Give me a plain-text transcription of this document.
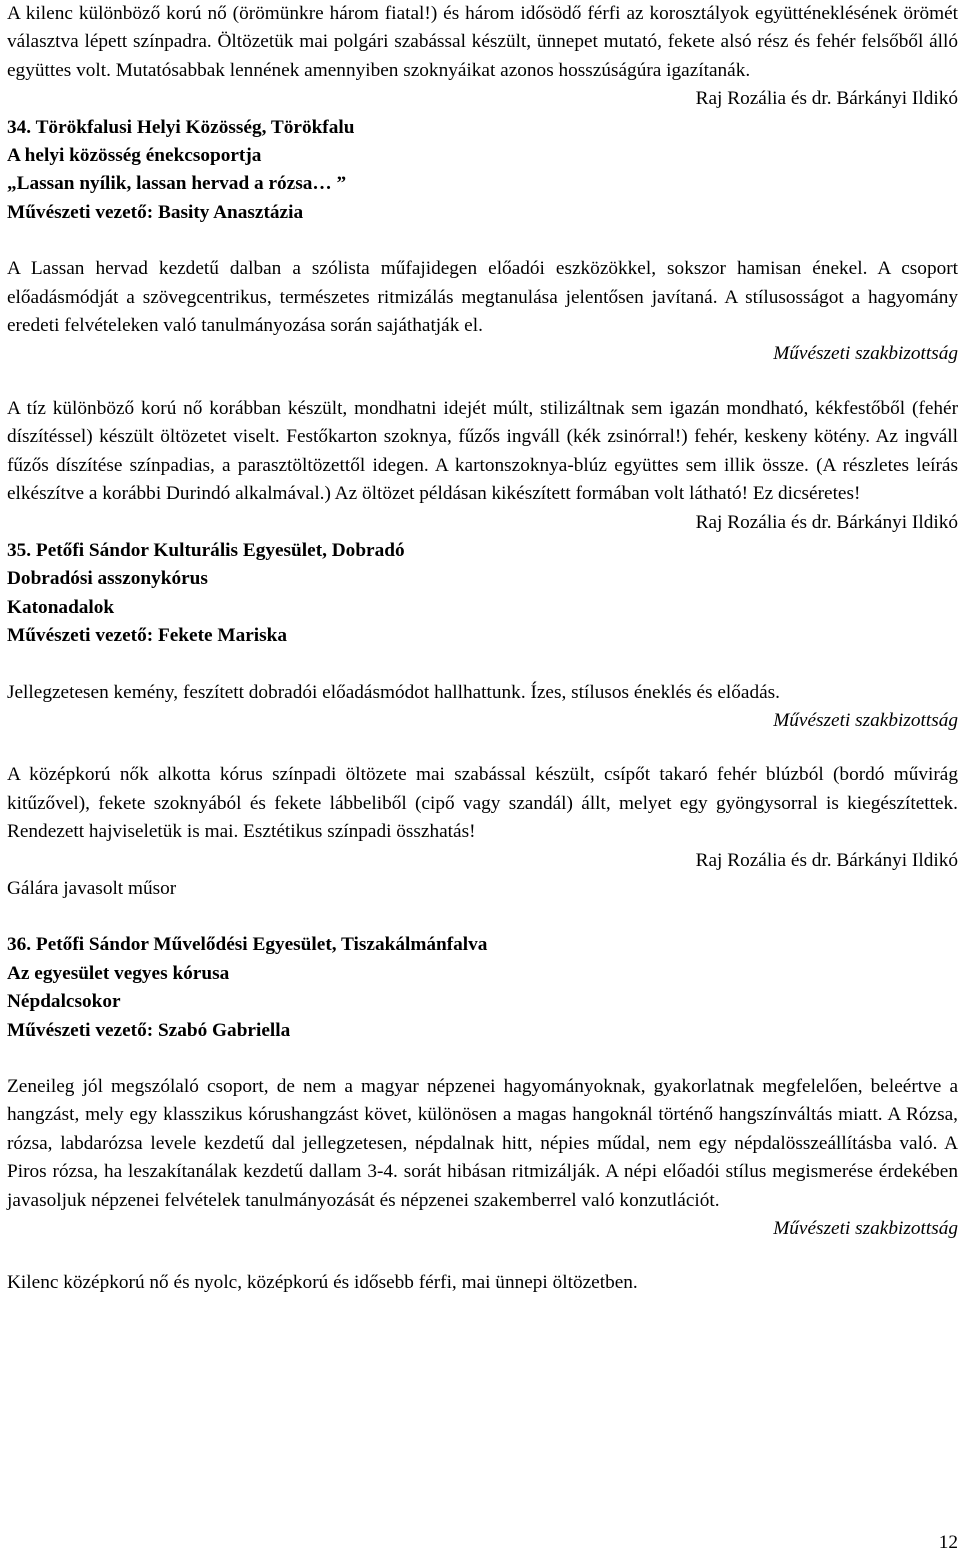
A kilenc különböző korú nő (örömünkre három fiatal!) és három idősödő férfi az korosztályok együtténeklésének örömét választva lépett színpadra. Öltözetük mai polgári szabással készült, ünnepet mutató, fekete alsó rész és fehér felsőből álló együttes volt. Mutatósabbak lennének amennyiben szoknyáikat azonos hosszúságúra igazítanák.

Raj Rozália és dr. Bárkányi Ildikó

34. Törökfalusi Helyi Közösség, Törökfalu

A helyi közösség énekcsoportja

„Lassan nyílik, lassan hervad a rózsa… ”

Művészeti vezető: Basity Anasztázia

A Lassan hervad kezdetű dalban a szólista műfajidegen előadói eszközökkel, sokszor hamisan énekel. A csoport előadásmódját a szövegcentrikus, természetes ritmizálás megtanulása jelentősen javítaná. A stílusosságot a hagyomány eredeti felvételeken való tanulmányozása során sajáthatják el.

Művészeti szakbizottság

A tíz különböző korú nő korábban készült, mondhatni idejét múlt, stilizáltnak sem igazán mondható, kékfestőből (fehér díszítéssel) készült öltözetet viselt. Festőkarton szoknya, fűzős ingváll (kék zsinórral!) fehér, keskeny kötény. Az ingváll fűzős díszítése színpadias, a parasztöltözettől idegen. A kartonszoknya-blúz együttes sem illik össze. (A részletes leírás elkészítve a korábbi Durindó alkalmával.) Az öltözet példásan kikészített formában volt látható! Ez dicséretes!

Raj Rozália és dr. Bárkányi Ildikó

35. Petőfi Sándor Kulturális Egyesület, Dobradó

Dobradósi asszonykórus

Katonadalok

Művészeti vezető: Fekete Mariska

Jellegzetesen kemény, feszített dobradói előadásmódot hallhattunk. Ízes, stílusos éneklés és előadás.

Művészeti szakbizottság

A középkorú nők alkotta kórus színpadi öltözete mai szabással készült, csípőt takaró fehér blúzból (bordó művirág kitűzővel), fekete szoknyából és fekete lábbeliből (cipő vagy szandál) állt, melyet egy gyöngysorral is kiegészítettek. Rendezett hajviseletük is mai. Esztétikus színpadi összhatás!

Raj Rozália és dr. Bárkányi Ildikó

Gálára javasolt műsor

36. Petőfi Sándor Művelődési Egyesület, Tiszakálmánfalva

Az egyesület vegyes kórusa

Népdalcsokor

Művészeti vezető: Szabó Gabriella

Zeneileg jól megszólaló csoport, de nem a magyar népzenei hagyományoknak, gyakorlatnak megfelelően, beleértve a hangzást, mely egy klasszikus kórushangzást követ, különösen a magas hangoknál történő hangszínváltás miatt. A Rózsa, rózsa, labdarózsa levele kezdetű dal jellegzetesen, népdalnak hitt, népies műdal, nem egy népdalösszeállításba való. A Piros rózsa, ha leszakítanálak kezdetű dallam 3-4. sorát hibásan ritmizálják. A népi előadói stílus megismerése érdekében javasoljuk népzenei felvételek tanulmányozását és népzenei szakemberrel való konzutlációt.

Művészeti szakbizottság

Kilenc középkorú nő és nyolc, középkorú és idősebb férfi, mai ünnepi öltözetben.

12
